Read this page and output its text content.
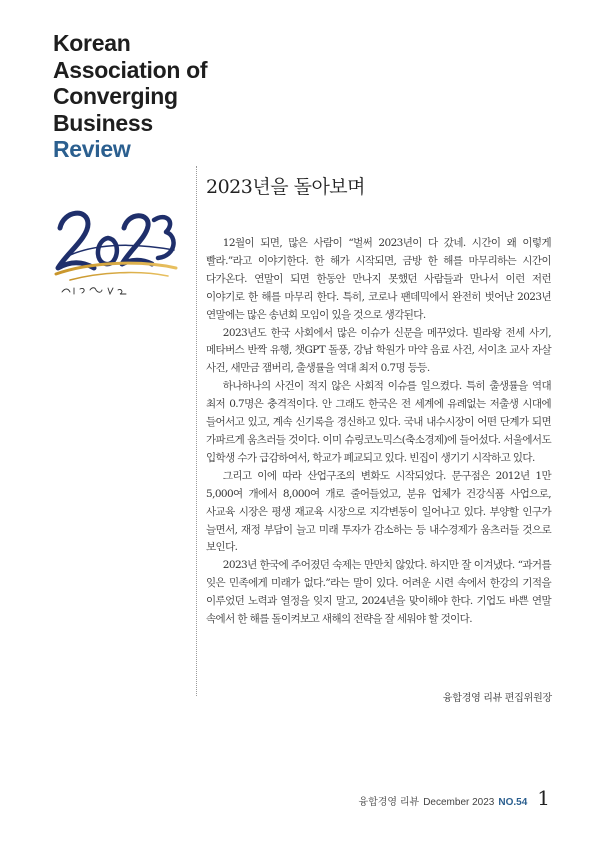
Korean
Association of
Converging
Business
Review
2023년을 돌아보며

12월이 되면, 많은 사람이 “벌써 2023년이 다 갔네. 시간이 왜 이렇게 빨라.”라고 이야기한다. 한 해가 시작되면, 금방 한 해를 마무리하는 시간이 다가온다. 연말이 되면 한동안 만나지 못했던 사람들과 만나서 이런 저런 이야기로 한 해를 마무리 한다. 특히, 코로나 팬데믹에서 완전히 벗어난 2023년 연말에는 많은 송년회 모임이 있을 것으로 생각된다.

2023년도 한국 사회에서 많은 이슈가 신문을 메꾸었다. 빌라왕 전세 사기, 메타버스 반짝 유행, 챗GPT 돌풍, 강남 학원가 마약 음료 사건, 서이초 교사 자살 사건, 새만금 잼버리, 출생률을 역대 최저 0.7명 등등.

하나하나의 사건이 적지 않은 사회적 이슈를 일으켰다. 특히 출생률을 역대 최저 0.7명은 충격적이다. 안 그래도 한국은 전 세계에 유례없는 저출생 시대에 들어서고 있고, 계속 신기록을 경신하고 있다. 국내 내수시장이 어떤 단계가 되면 가파르게 움츠러들 것이다. 이미 슈링코노믹스(축소경제)에 들어섰다. 서울에서도 입학생 수가 급감하여서, 학교가 폐교되고 있다. 빈집이 생기기 시작하고 있다.

그리고 이에 따라 산업구조의 변화도 시작되었다. 문구점은 2012년 1만 5,000여 개에서 8,000여 개로 줄어들었고, 분유 업체가 건강식품 사업으로, 사교육 시장은 평생 재교육 시장으로 지각변동이 일어나고 있다. 부양할 인구가 늘면서, 재정 부담이 늘고 미래 투자가 감소하는 등 내수경제가 움츠러들 것으로 보인다.

2023년 한국에 주어졌던 숙제는 만만치 않았다. 하지만 잘 이겨냈다. “과거를 잊은 민족에게 미래가 없다.”라는 말이 있다. 어려운 시련 속에서 한강의 기적을 이루었던 노력과 열정을 잊지 말고, 2024년을 맞이해야 한다. 기업도 바쁜 연말 속에서 한 해를 돌이켜보고 새해의 전략을 잘 세워야 할 것이다.

융합경영 리뷰 편집위원장
융합경영 리뷰 December 2023 NO.54 1
